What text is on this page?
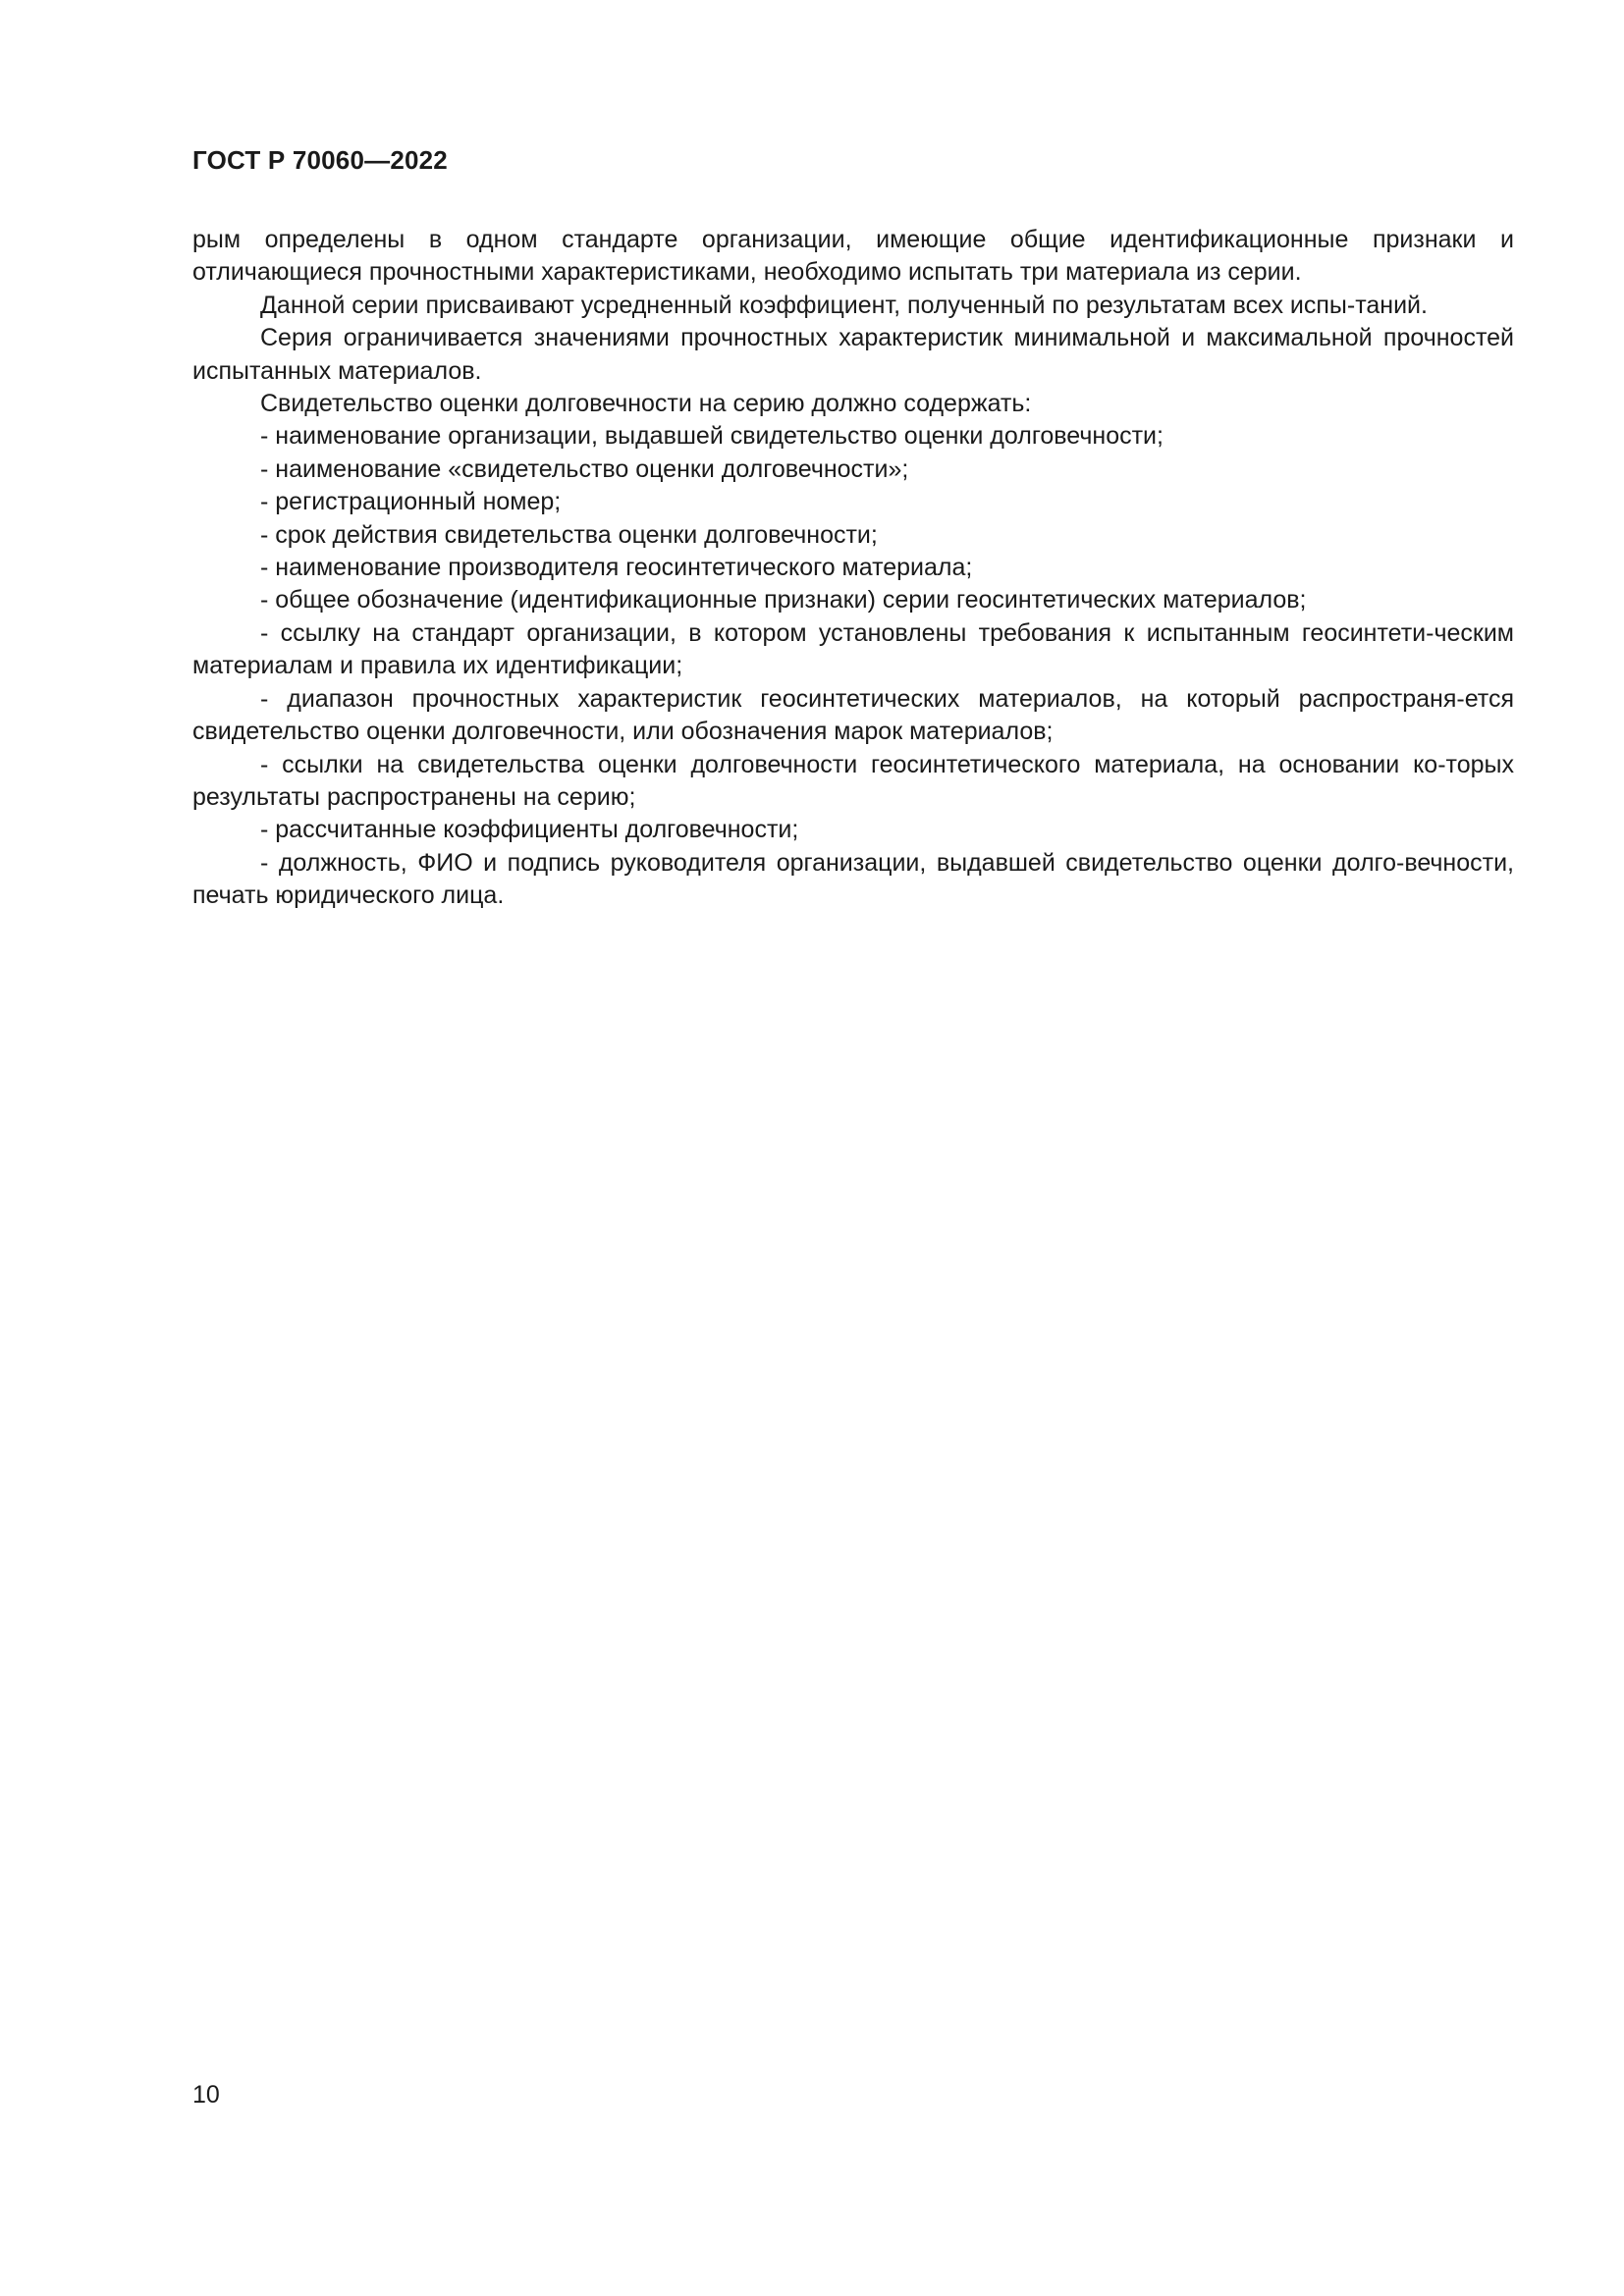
ГОСТ Р 70060—2022

рым определены в одном стандарте организации, имеющие общие идентификационные признаки и отличающиеся прочностными характеристиками, необходимо испытать три материала из серии.

Данной серии присваивают усредненный коэффициент, полученный по результатам всех испы-таний.

Серия ограничивается значениями прочностных характеристик минимальной и максимальной прочностей испытанных материалов.

Свидетельство оценки долговечности на серию должно содержать:

- наименование организации, выдавшей свидетельство оценки долговечности;

- наименование «свидетельство оценки долговечности»;

- регистрационный номер;

- срок действия свидетельства оценки долговечности;

- наименование производителя геосинтетического материала;

- общее обозначение (идентификационные признаки) серии геосинтетических материалов;

- ссылку на стандарт организации, в котором установлены требования к испытанным геосинтети-ческим материалам и правила их идентификации;

- диапазон прочностных характеристик геосинтетических материалов, на который распространя-ется свидетельство оценки долговечности, или обозначения марок материалов;

- ссылки на свидетельства оценки долговечности геосинтетического материала, на основании ко-торых результаты распространены на серию;

- рассчитанные коэффициенты долговечности;

- должность, ФИО и подпись руководителя организации, выдавшей свидетельство оценки долго-вечности, печать юридического лица.

10
